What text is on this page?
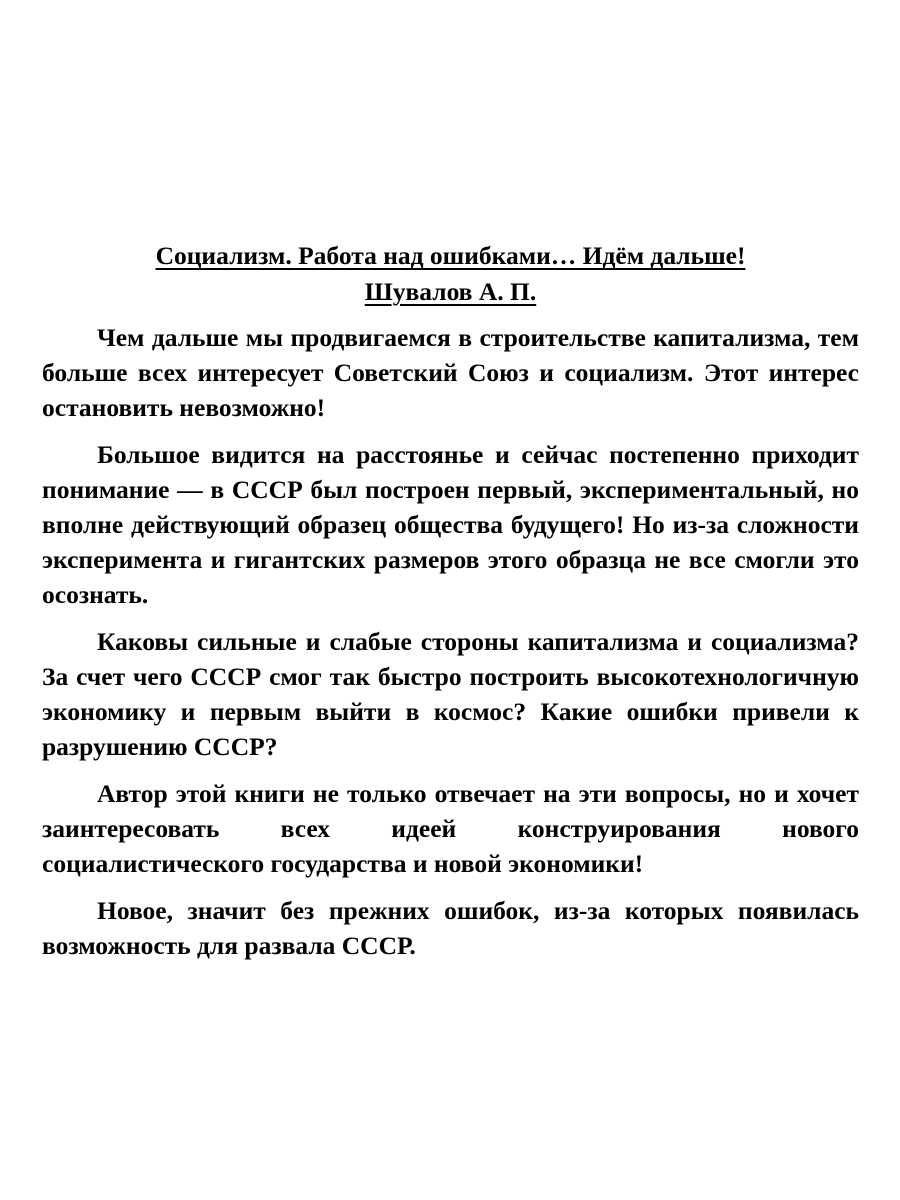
Социализм. Работа над ошибками… Идём дальше!
Шувалов А. П.

Чем дальше мы продвигаемся в строительстве капитализма, тем больше всех интересует Советский Союз и социализм. Этот интерес остановить невозможно!

Большое видится на расстоянье и сейчас постепенно приходит понимание — в СССР был построен первый, экспериментальный, но вполне действующий образец общества будущего! Но из-за сложности эксперимента и гигантских размеров этого образца не все смогли это осознать.

Каковы сильные и слабые стороны капитализма и социализма? За счет чего СССР смог так быстро построить высокотехнологичную экономику и первым выйти в космос? Какие ошибки привели к разрушению СССР?

Автор этой книги не только отвечает на эти вопросы, но и хочет заинтересовать всех идеей конструирования нового социалистического государства и новой экономики!

Новое, значит без прежних ошибок, из-за которых появилась возможность для развала СССР.
